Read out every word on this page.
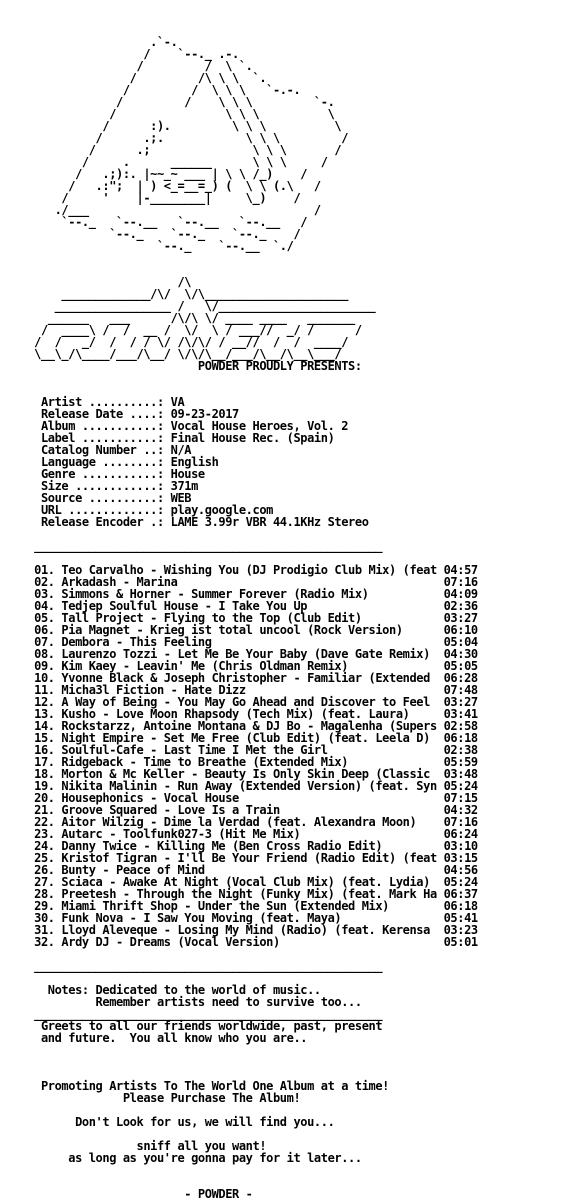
.`-.
/    `--._ .-.
/         /  \ `.
/         /\ \ \  `.
/         /  \ \ \   `-.-.
/         /    \ \ \         `-.
/                \ \ \          \
/      :).         \ \ \          \
/      .;.            \ \ \         /
/      .;               \ \ \       /
/     .      ______      \ \ \     /
/   .;):. |~~_~ ___ | \ \ /_)    /
/   .:";  | ) <_=__=_) (  \ \ (.\   /
/     '    |-________|     \_)    /
./___                                 /
`--._   `--.__   `--.__   `--.__   /
`--._    `--._    `--._    /
`--._    `--.__  `./
/\
_____________/\/  \/\_____________________
_________________ /   \/_______________________
______   ___      /\/\ \/ ____ ____   _______
/  ____\ /  /  __ /  \/  \ / ___//  _/ /      /
/  /   _/  /  / / \/ /\/\/ / __//  /  /  ____/
\__\_/\____/___/\__/ \/\/\__/___/\__/\__\___/
POWDER PROUDLY PRESENTS:
Artist ..........: VA
Release Date ....: 09-23-2017
Album ...........: Vocal House Heroes, Vol. 2
Label ...........: Final House Rec. (Spain)
Catalog Number ..: N/A
Language ........: English
Genre ...........: House
Size ............: 371m
Source ..........: WEB
URL .............: play.google.com
Release Encoder .: LAME 3.99r VBR 44.1KHz Stereo
___________________________________________________
01. Teo Carvalho - Wishing You (DJ Prodigio Club Mix) (feat 04:57
02. Arkadash - Marina                                       07:16
03. Simmons & Horner - Summer Forever (Radio Mix)           04:09
04. Tedjep Soulful House - I Take You Up                    02:36
05. Tall Project - Flying to the Top (Club Edit)            03:27
06. Pia Magnet - Krieg ist total uncool (Rock Version)      06:10
07. Dembora - This Feeling                                  05:04
08. Laurenzo Tozzi - Let Me Be Your Baby (Dave Gate Remix)  04:30
09. Kim Kaey - Leavin' Me (Chris Oldman Remix)              05:05
10. Yvonne Black & Joseph Christopher - Familiar (Extended  06:28
11. Micha3l Fiction - Hate Dizz                             07:48
12. A Way of Being - You May Go Ahead and Discover to Feel  03:27
13. Kusho - Love Moon Rhapsody (Tech Mix) (feat. Laura)     03:41
14. Rockstarzz, Antoine Montana & DJ Bo - Magalenha (Supers 02:58
15. Night Empire - Set Me Free (Club Edit) (feat. Leela D)  06:18
16. Soulful-Cafe - Last Time I Met the Girl                 02:38
17. Ridgeback - Time to Breathe (Extended Mix)              05:59
18. Morton & Mc Keller - Beauty Is Only Skin Deep (Classic  03:48
19. Nikita Malinin - Run Away (Extended Version) (feat. Syn 05:24
20. Housephonics - Vocal House                              07:15
21. Groove Squared - Love Is a Train                        04:32
22. Aitor Wilzig - Dime la Verdad (feat. Alexandra Moon)    07:16
23. Autarc - Toolfunk027-3 (Hit Me Mix)                     06:24
24. Danny Twice - Killing Me (Ben Cross Radio Edit)         03:10
25. Kristof Tigran - I'll Be Your Friend (Radio Edit) (feat 03:15
26. Bunty - Peace of Mind                                   04:56
27. Sciaca - Awake At Night (Vocal Club Mix) (feat. Lydia)  05:24
28. Preetesh - Through the Night (Funky Mix) (feat. Mark Ha 06:37
29. Miami Thrift Shop - Under the Sun (Extended Mix)        06:18
30. Funk Nova - I Saw You Moving (feat. Maya)               05:41
31. Lloyd Aleveque - Losing My Mind (Radio) (feat. Kerensa  03:23
32. Ardy DJ - Dreams (Vocal Version)                        05:01
___________________________________________________
Notes: Dedicated to the world of music..
Remember artists need to survive too...
___________________________________________________
Greets to all our friends worldwide, past, present
and future.  You all know who you are..
Promoting Artists To The World One Album at a time!
Please Purchase The Album!
Don't Look for us, we will find you...
sniff all you want!
as long as you're gonna pay for it later...
- POWDER -
